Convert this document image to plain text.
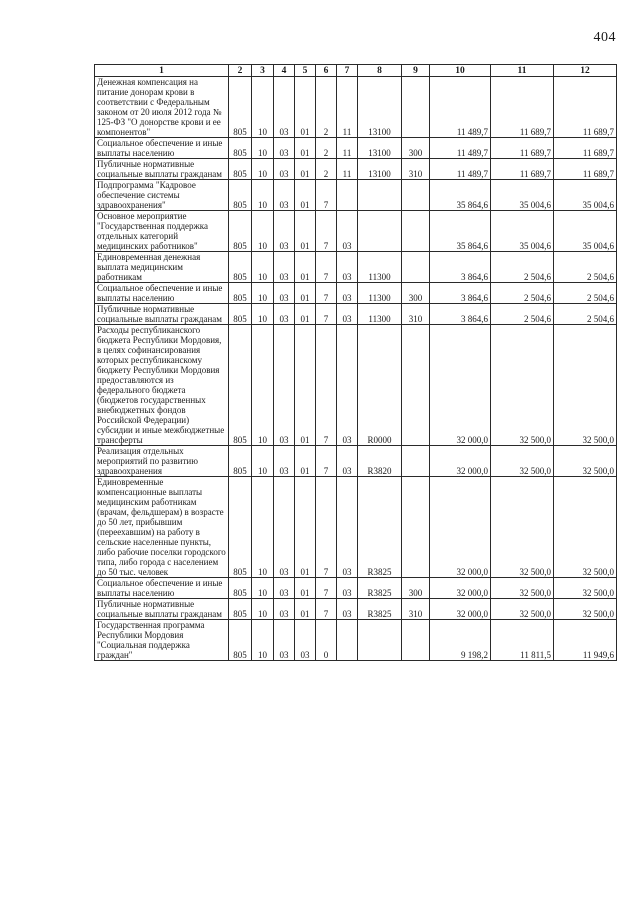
404
1	2	3	4	5	6	7	8	9	10	11	12
Денежная компенсация на питание донорам крови в соответствии с Федеральным законом от 20 июля 2012 года № 125-ФЗ "О донорстве крови и ее компонентов"	805	10	03	01	2	11	13100		11 489,7	11 689,7	11 689,7
Социальное обеспечение и иные выплаты населению	805	10	03	01	2	11	13100	300	11 489,7	11 689,7	11 689,7
Публичные нормативные социальные выплаты гражданам	805	10	03	01	2	11	13100	310	11 489,7	11 689,7	11 689,7
Подпрограмма "Кадровое обеспечение системы здравоохранения"	805	10	03	01	7				35 864,6	35 004,6	35 004,6
Основное мероприятие "Государственная поддержка отдельных категорий медицинских работников"	805	10	03	01	7	03			35 864,6	35 004,6	35 004,6
Единовременная денежная выплата медицинским работникам	805	10	03	01	7	03	11300		3 864,6	2 504,6	2 504,6
Социальное обеспечение и иные выплаты населению	805	10	03	01	7	03	11300	300	3 864,6	2 504,6	2 504,6
Публичные нормативные социальные выплаты гражданам	805	10	03	01	7	03	11300	310	3 864,6	2 504,6	2 504,6
Расходы республиканского бюджета Республики Мордовия, в целях софинансирования которых республиканскому бюджету Республики Мордовия предоставляются из федерального бюджета (бюджетов государственных внебюджетных фондов Российской Федерации) субсидии и иные межбюджетные трансферты	805	10	03	01	7	03	R0000		32 000,0	32 500,0	32 500,0
Реализация отдельных мероприятий по развитию здравоохранения	805	10	03	01	7	03	R3820		32 000,0	32 500,0	32 500,0
Единовременные компенсационные выплаты медицинским работникам (врачам, фельдшерам) в возрасте до 50 лет, прибывшим (переехавшим) на работу в сельские населенные пункты, либо рабочие поселки городского типа, либо города с населением до 50 тыс. человек	805	10	03	01	7	03	R3825		32 000,0	32 500,0	32 500,0
Социальное обеспечение и иные выплаты населению	805	10	03	01	7	03	R3825	300	32 000,0	32 500,0	32 500,0
Публичные нормативные социальные выплаты гражданам	805	10	03	01	7	03	R3825	310	32 000,0	32 500,0	32 500,0
Государственная программа Республики Мордовия "Социальная поддержка граждан"	805	10	03	03	0				9 198,2	11 811,5	11 949,6
